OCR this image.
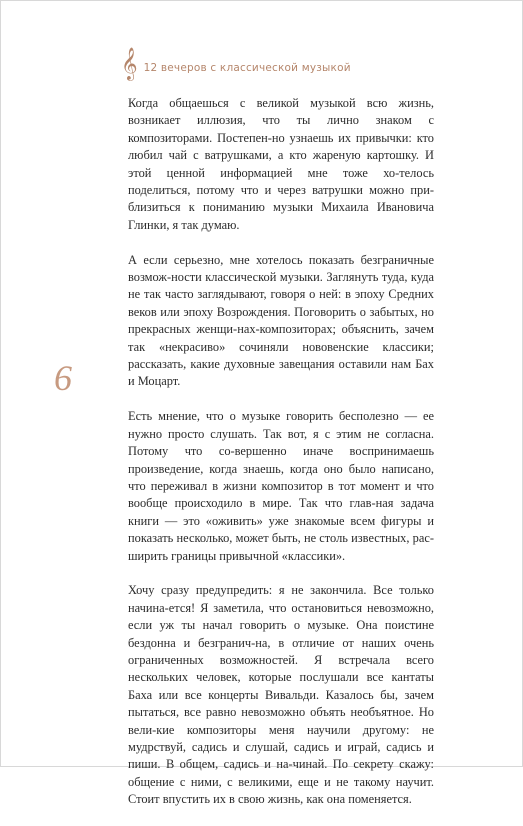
𝄞 12 вечеров с классической музыкой

Когда общаешься с великой музыкой всю жизнь, возникает иллюзия, что ты лично знаком с композиторами. Постепен-но узнаешь их привычки: кто любил чай с ватрушками, а кто жареную картошку. И этой ценной информацией мне тоже хо-телось поделиться, потому что и через ватрушки можно при-близиться к пониманию музыки Михаила Ивановича Глинки, я так думаю.

А если серьезно, мне хотелось показать безграничные возмож-ности классической музыки. Заглянуть туда, куда не так часто заглядывают, говоря о ней: в эпоху Средних веков или эпоху Возрождения. Поговорить о забытых, но прекрасных женщи-нах-композиторах; объяснить, зачем так «некрасиво» сочиняли нововенские классики; рассказать, какие духовные завещания оставили нам Бах и Моцарт.

Есть мнение, что о музыке говорить бесполезно — ее нужно просто слушать. Так вот, я с этим не согласна. Потому что со-вершенно иначе воспринимаешь произведение, когда знаешь, когда оно было написано, что переживал в жизни композитор в тот момент и что вообще происходило в мире. Так что глав-ная задача книги — это «оживить» уже знакомые всем фигуры и показать несколько, может быть, не столь известных, рас-ширить границы привычной «классики».

Хочу сразу предупредить: я не закончила. Все только начина-ется! Я заметила, что остановиться невозможно, если уж ты начал говорить о музыке. Она поистине бездонна и безгранич-на, в отличие от наших очень ограниченных возможностей. Я встречала всего нескольких человек, которые послушали все кантаты Баха или все концерты Вивальди. Казалось бы, зачем пытаться, все равно невозможно объять необъятное. Но вели-кие композиторы меня научили другому: не мудрствуй, садись и слушай, садись и играй, садись и пиши. В общем, садись и на-чинай. По секрету скажу: общение с ними, с великими, еще и не такому научит. Стоит впустить их в свою жизнь, как она поменяется.

6
